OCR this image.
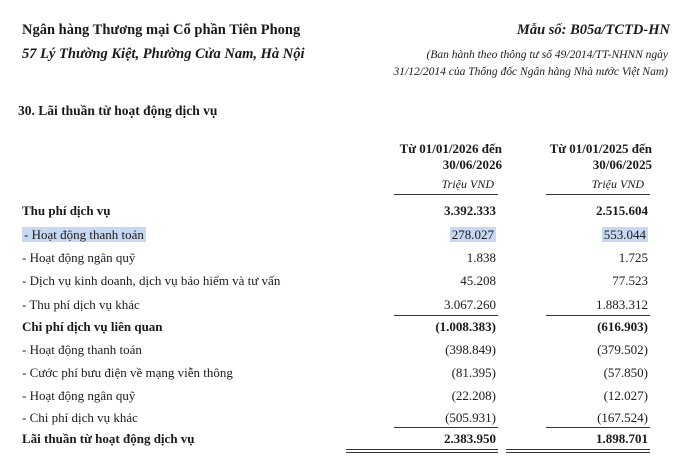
Ngân hàng Thương mại Cổ phần Tiên Phong
57 Lý Thường Kiệt, Phường Cửa Nam, Hà Nội
Mẫu số: B05a/TCTD-HN
(Ban hành theo thông tư số 49/2014/TT-NHNN ngày
31/12/2014 của Thống đốc Ngân hàng Nhà nước Việt Nam)
30. Lãi thuần từ hoạt động dịch vụ
Từ 01/01/2026 đến
30/06/2026
Từ 01/01/2025 đến
30/06/2025
Triệu VND	Triệu VND
Thu phí dịch vụ	3.392.333	2.515.604
- Hoạt động thanh toán	278.027	553.044
- Hoạt động ngân quỹ	1.838	1.725
- Dịch vụ kinh doanh, dịch vụ bảo hiểm và tư vấn	45.208	77.523
- Thu phí dịch vụ khác	3.067.260	1.883.312
Chi phí dịch vụ liên quan	(1.008.383)	(616.903)
- Hoạt động thanh toán	(398.849)	(379.502)
- Cước phí bưu điện về mạng viễn thông	(81.395)	(57.850)
- Hoạt động ngân quỹ	(22.208)	(12.027)
- Chi phí dịch vụ khác	(505.931)	(167.524)
Lãi thuần từ hoạt động dịch vụ	2.383.950	1.898.701
